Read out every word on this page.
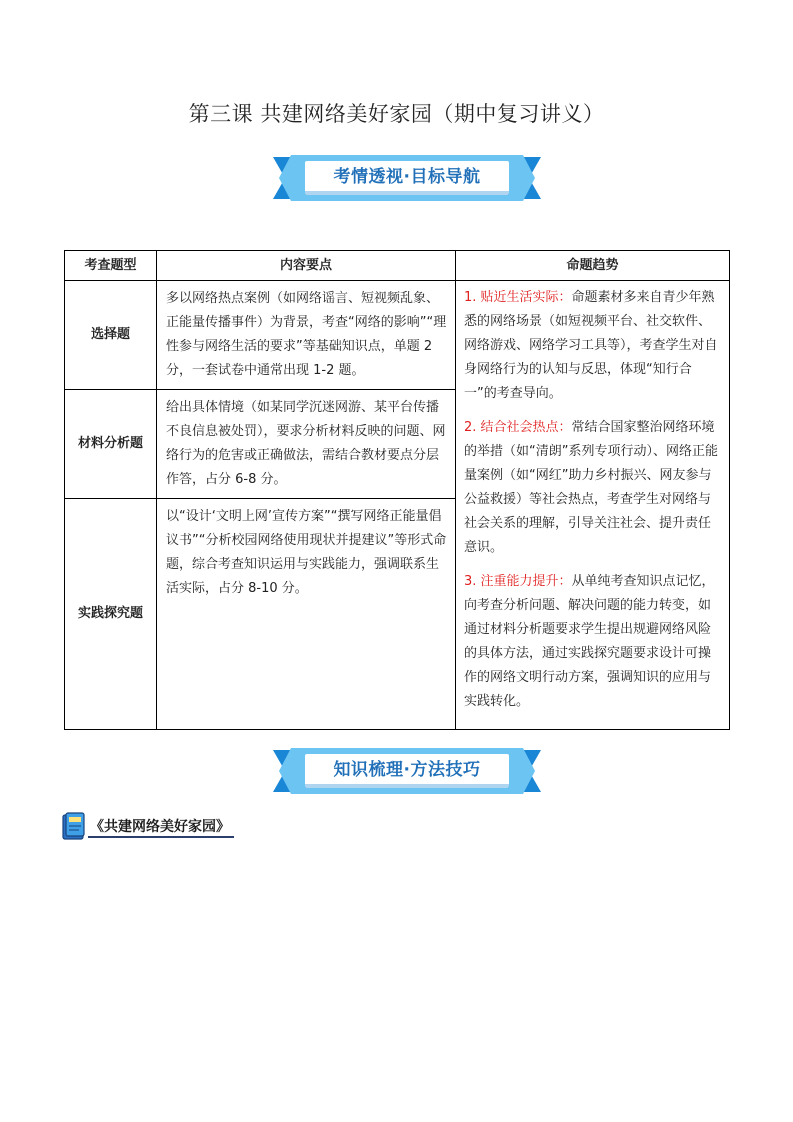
第三课 共建网络美好家园（期中复习讲义）
考情透视·目标导航
考查题型	内容要点	命题趋势
选择题	多以网络热点案例（如网络谣言、短视频乱象、正能量传播事件）为背景，考查“网络的影响”“理性参与网络生活的要求”等基础知识点，单题 2 分，一套试卷中通常出现 1-2 题。	1. 贴近生活实际：命题素材多来自青少年熟悉的网络场景（如短视频平台、社交软件、网络游戏、网络学习工具等），考查学生对自身网络行为的认知与反思，体现“知行合一”的考查导向。

2. 结合社会热点：常结合国家整治网络环境的举措（如“清朗”系列专项行动）、网络正能量案例（如“网红”助力乡村振兴、网友参与公益救援）等社会热点，考查学生对网络与社会关系的理解，引导关注社会、提升责任意识。

3. 注重能力提升：从单纯考查知识点记忆，向考查分析问题、解决问题的能力转变，如通过材料分析题要求学生提出规避网络风险的具体方法，通过实践探究题要求设计可操作的网络文明行动方案，强调知识的应用与实践转化。

材料分析题	给出具体情境（如某同学沉迷网游、某平台传播不良信息被处罚），要求分析材料反映的问题、网络行为的危害或正确做法，需结合教材要点分层作答，占分 6-8 分。	
实践探究题	以“设计‘文明上网’宣传方案”“撰写网络正能量倡议书”“分析校园网络使用现状并提建议”等形式命题，综合考查知识运用与实践能力，强调联系生活实际，占分 8-10 分。	
知识梳理·方法技巧
《共建网络美好家园》
